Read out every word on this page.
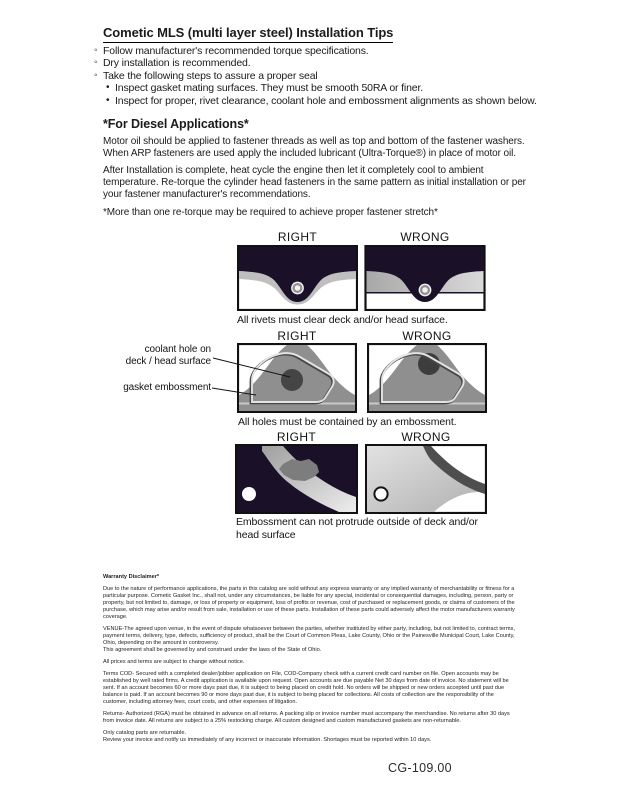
Cometic MLS (multi layer steel) Installation Tips
◦ Follow manufacturer's recommended torque specifications.
◦ Dry installation is recommended.
◦ Take the following steps to assure a proper seal
• Inspect gasket mating surfaces. They must be smooth 50RA or finer.
• Inspect for proper, rivet clearance, coolant hole and embossment alignments as shown below.
*For Diesel Applications*
Motor oil should be applied to fastener threads as well as top and bottom of the fastener washers. When ARP fasteners are used apply the included lubricant (Ultra-Torque®) in place of motor oil.
After Installation is complete, heat cycle the engine then let it completely cool to ambient temperature. Re-torque the cylinder head fasteners in the same pattern as initial installation or per your fastener manufacturer's recommendations.
*More than one re-torque may be required to achieve proper fastener stretch*
RIGHT	WRONG
All rivets must clear deck and/or head surface.
RIGHT	WRONG
coolant hole on
deck / head surface
gasket embossment
All holes must be contained by an embossment.
RIGHT	WRONG
Embossment can not protrude outside of deck and/or head surface
Warranty Disclaimer*

Due to the nature of performance applications, the parts in this catalog are sold without any express warranty or any implied warranty of merchantability or fitness for a particular purpose. Cometic Gasket Inc., shall not, under any circumstances, be liable for any special, incidental or consequential damages, including, person, party or property, but not limited to, damage, or loss of property or equipment, loss of profits or revenue, cost of purchased or replacement goods, or claims of customers of the purchase, which may arise and/or result from sale, installation or use of these parts. Installation of these parts could adversely affect the motor manufacturers warranty coverage.

VENUE-The agreed upon venue, in the event of dispute whatsoever between the parties, whether instituted by either party, including, but not limited to, contract terms, payment terms, delivery, type, defects, sufficiency of product, shall be the Court of Common Pleas, Lake County, Ohio or the Painesville Municipal Court, Lake County, Ohio, depending on the amount in controversy.

This agreement shall be governed by and construed under the laws of the State of Ohio.

All prices and terms are subject to change without notice.

Terms COD- Secured with a completed dealer/jobber application on File, COD-Company check with a current credit card number on file. Open accounts may be established by well rated firms. A credit application is available upon request. Open accounts are due payable Net 30 days from date of invoice. No statement will be sent. If an account becomes 60 or more days past due, it is subject to being placed on credit hold. No orders will be shipped or new orders accepted until past due balance is paid. If an account becomes 90 or more days past due, it is subject to being placed for collections. All costs of collection are the responsibility of the customer, including attorney fees, court costs, and other expenses of litigation.

Returns- Authorized (RGA) must be obtained in advance on all returns. A packing slip or invoice number must accompany the merchandise. No returns after 30 days from invoice date. All returns are subject to a 25% restocking charge. All custom designed and custom manufactured gaskets are non-returnable.

Only catalog parts are returnable.

Review your invoice and notify us immediately of any incorrect or inaccurate information. Shortages must be reported within 10 days.

CG-109.00
